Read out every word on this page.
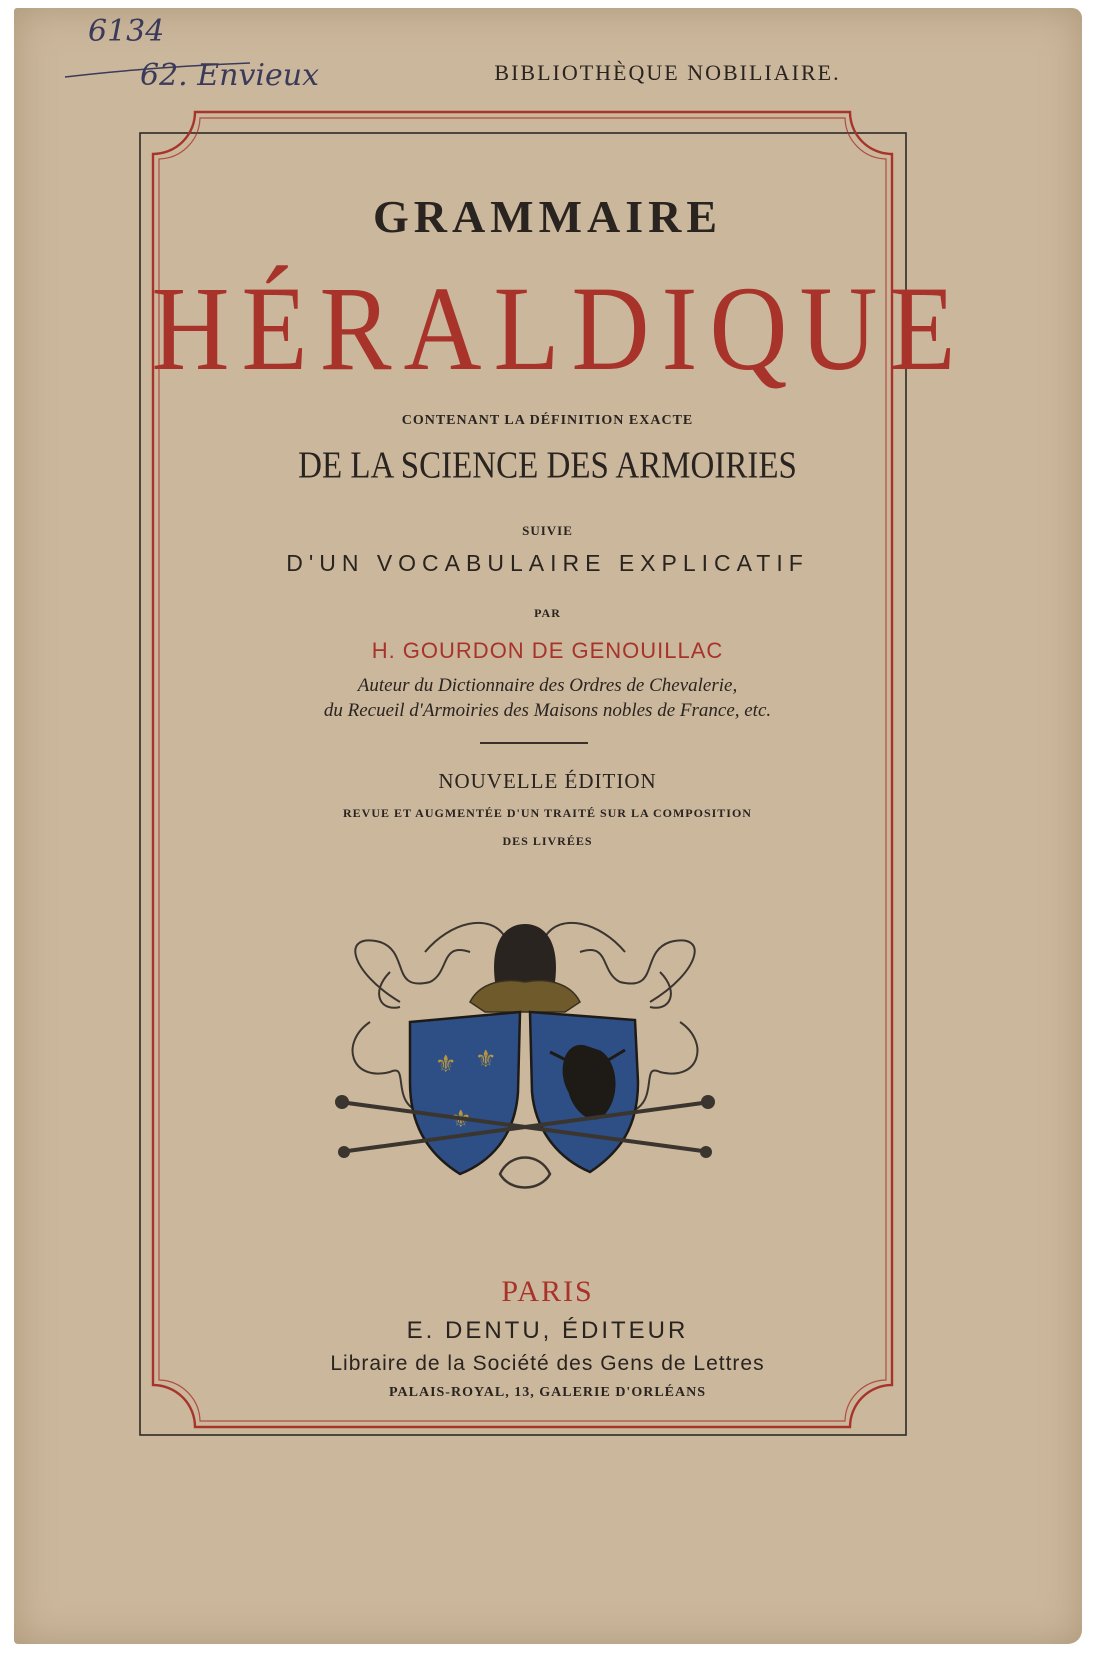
6134
62. Envieux	BIBLIOTHÈQUE NOBILIAIRE.

GRAMMAIRE

HÉRALDIQUE

CONTENANT LA DÉFINITION EXACTE

DE LA SCIENCE DES ARMOIRIES

SUIVIE

D'UN VOCABULAIRE EXPLICATIF

PAR

H. GOURDON DE GENOUILLAC

Auteur du Dictionnaire des Ordres de Chevalerie,

du Recueil d'Armoiries des Maisons nobles de France, etc.

NOUVELLE ÉDITION

REVUE ET AUGMENTÉE D'UN TRAITÉ SUR LA COMPOSITION

DES LIVRÉES

⚜ ⚜
⚜

PARIS

E. DENTU, ÉDITEUR

Libraire de la Société des Gens de Lettres

PALAIS-ROYAL, 13, GALERIE D'ORLÉANS
